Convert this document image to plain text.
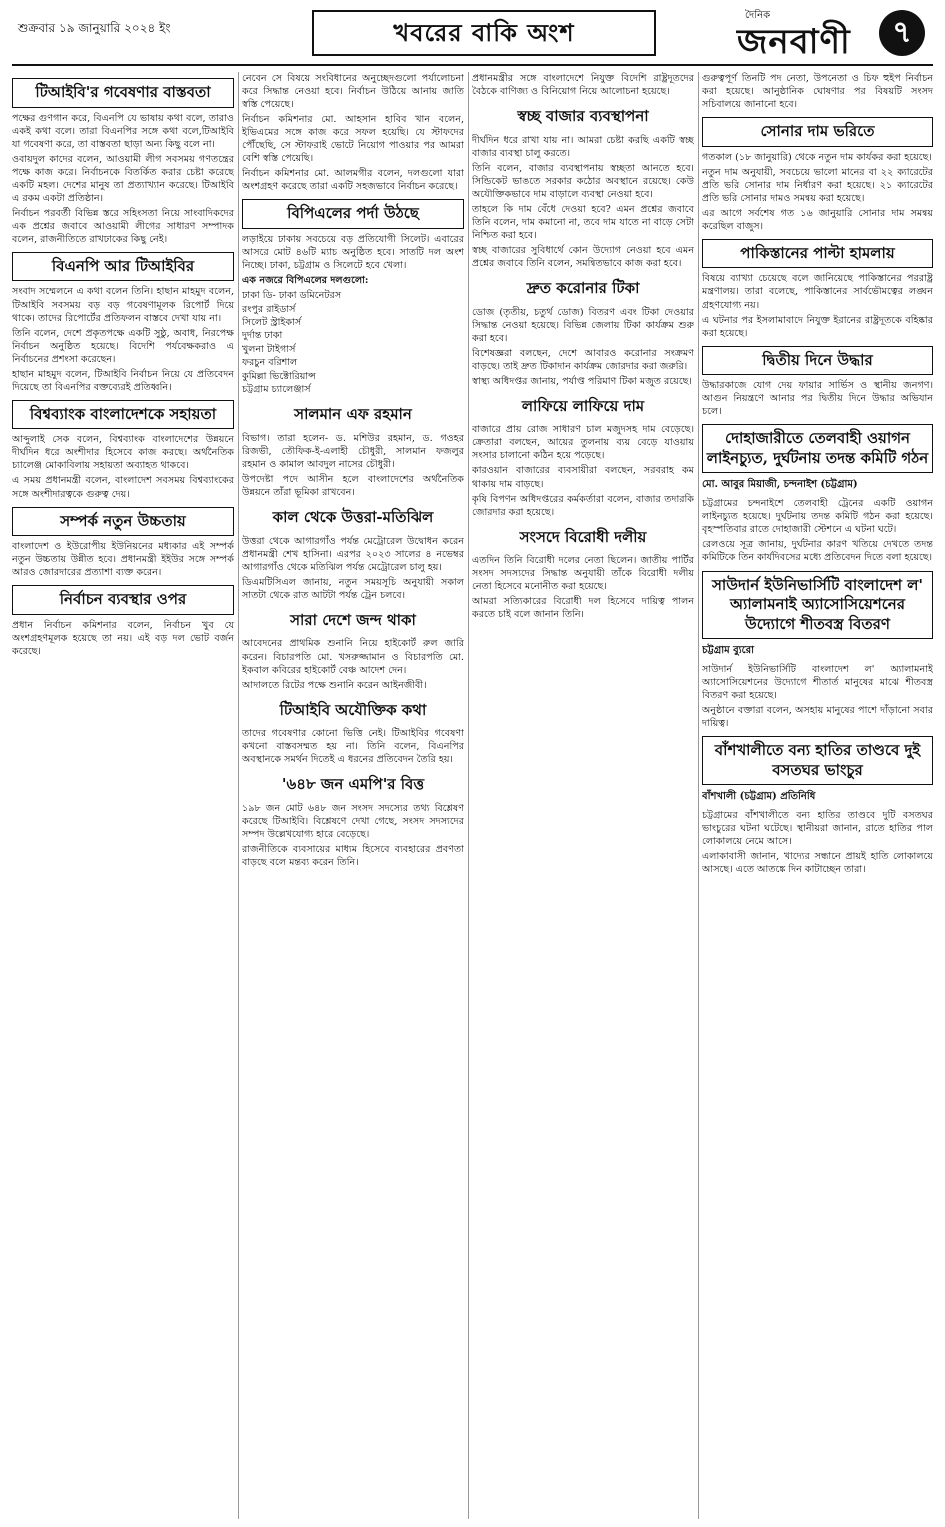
শুক্রবার ১৯ জানুয়ারি ২০২৪ ইং	খবরের বাকি অংশ
দৈনিক
জনবাণী	৭
টিআইবি'র গবেষণার বাস্তবতা

পক্ষের গুণগান করে, বিএনপি যে ভাষায় কথা বলে, তারাও একই কথা বলে। তারা বিএনপির সঙ্গে কথা বলে,টিআইবি যা গবেষণা করে, তা বাস্তবতা ছাড়া অন্য কিছু বলে না।

ওবায়দুল কাদের বলেন, আওয়ামী লীগ সবসময় গণতন্ত্রের পক্ষে কাজ করে। নির্বাচনকে বিতর্কিত করার চেষ্টা করেছে একটি মহল। দেশের মানুষ তা প্রত্যাখ্যান করেছে। টিআইবি এ রকম একটা প্রতিষ্ঠান।

নির্বাচন পরবর্তী বিভিন্ন স্তরে সহিংসতা নিয়ে সাংবাদিকদের এক প্রশ্নের জবাবে আওয়ামী লীগের সাধারণ সম্পাদক বলেন, রাজনীতিতে রাখঢাকের কিছু নেই।

বিএনপি আর টিআইবির

সংবাদ সম্মেলনে এ কথা বলেন তিনি। হাছান মাহমুদ বলেন, টিআইবি সবসময় বড় বড় গবেষণামূলক রিপোর্ট দিয়ে থাকে। তাদের রিপোর্টের প্রতিফলন বাস্তবে দেখা যায় না।

তিনি বলেন, দেশে প্রকৃতপক্ষে একটি সুষ্ঠু, অবাধ, নিরপেক্ষ নির্বাচন অনুষ্ঠিত হয়েছে। বিদেশি পর্যবেক্ষকরাও এ নির্বাচনের প্রশংসা করেছেন।

হাছান মাহমুদ বলেন, টিআইবি নির্বাচন নিয়ে যে প্রতিবেদন দিয়েছে তা বিএনপির বক্তব্যেরই প্রতিধ্বনি।

বিশ্বব্যাংক বাংলাদেশকে সহায়তা

আব্দুলাই সেক বলেন, বিশ্বব্যাংক বাংলাদেশের উন্নয়নে দীর্ঘদিন ধরে অংশীদার হিসেবে কাজ করছে। অর্থনৈতিক চ্যালেঞ্জ মোকাবিলায় সহায়তা অব্যাহত থাকবে।

এ সময় প্রধানমন্ত্রী বলেন, বাংলাদেশ সবসময় বিশ্বব্যাংকের সঙ্গে অংশীদারত্বকে গুরুত্ব দেয়।

সম্পর্ক নতুন উচ্চতায়

বাংলাদেশ ও ইউরোপীয় ইউনিয়নের মধ্যকার এই সম্পর্ক নতুন উচ্চতায় উন্নীত হবে। প্রধানমন্ত্রী ইইউর সঙ্গে সম্পর্ক আরও জোরদারের প্রত্যাশা ব্যক্ত করেন।

নির্বাচন ব্যবস্থার ওপর

প্রধান নির্বাচন কমিশনার বলেন, নির্বাচন খুব যে অংশগ্রহণমূলক হয়েছে তা নয়। এই বড় দল ভোট বর্জন করেছে।

নেবেন সে বিষয়ে সংবিধানের অনুচ্ছেদগুলো পর্যালোচনা করে সিদ্ধান্ত নেওয়া হবে। নির্বাচন উঠিয়ে আনায় জাতি স্বস্তি পেয়েছে।

নির্বাচন কমিশনার মো. আহসান হাবিব খান বলেন, ইভিএমের সঙ্গে কাজ করে সফল হয়েছি। যে স্টাফদের পৌঁছেছি, সে স্টাফরাই ভোটে নিয়োগ পাওয়ার পর আমরা বেশি স্বস্তি পেয়েছি।

নির্বাচন কমিশনার মো. আলমগীর বলেন, দলগুলো যারা অংশগ্রহণ করেছে তারা একটি সহজভাবে নির্বাচন করেছে।

বিপিএলের পর্দা উঠছে

লড়াইয়ে ঢাকায় সবচেয়ে বড় প্রতিযোগী সিলেট। এবারের আসরে মোট ৪৬টি ম্যাচ অনুষ্ঠিত হবে। সাতটি দল অংশ নিচ্ছে। ঢাকা, চট্টগ্রাম ও সিলেটে হবে খেলা।

এক নজরে বিপিএলের দলগুলো:

ঢাকা ডি- ঢাকা ডমিনেটরস
রংপুর রাইডার্স
সিলেট স্ট্রাইকার্স
দুর্দান্ত ঢাকা
খুলনা টাইগার্স
ফরচুন বরিশাল
কুমিল্লা ভিক্টোরিয়ান্স
চট্টগ্রাম চ্যালেঞ্জার্স
সালমান এফ রহমান

বিভাগ। তারা হলেন- ড. মশিউর রহমান, ড. গওহর রিজভী, তৌফিক-ই-এলাহী চৌধুরী, সালমান ফজলুর রহমান ও কামাল আবদুল নাসের চৌধুরী।

উপদেষ্টা পদে আসীন হলে বাংলাদেশের অর্থনৈতিক উন্নয়নে তাঁরা ভূমিকা রাখবেন।

কাল থেকে উত্তরা-মতিঝিল

উত্তরা থেকে আগারগাঁও পর্যন্ত মেট্রোরেল উদ্বোধন করেন প্রধানমন্ত্রী শেখ হাসিনা। এরপর ২০২৩ সালের ৪ নভেম্বর আগারগাঁও থেকে মতিঝিল পর্যন্ত মেট্রোরেল চালু হয়।

ডিএমটিসিএল জানায়, নতুন সময়সূচি অনুযায়ী সকাল সাতটা থেকে রাত আটটা পর্যন্ত ট্রেন চলবে।

সারা দেশে জন্দ থাকা

আবেদনের প্রাথমিক শুনানি নিয়ে হাইকোর্ট রুল জারি করেন। বিচারপতি মো. খসরুজ্জামান ও বিচারপতি মো. ইকবাল কবিরের হাইকোর্ট বেঞ্চ আদেশ দেন।

আদালতে রিটের পক্ষে শুনানি করেন আইনজীবী।

টিআইবি অযৌক্তিক কথা

তাদের গবেষণার কোনো ভিত্তি নেই। টিআইবির গবেষণা কখনো বাস্তবসম্মত হয় না। তিনি বলেন, বিএনপির অবস্থানকে সমর্থন দিতেই এ ধরনের প্রতিবেদন তৈরি হয়।

'৬৪৮ জন এমপি'র বিত্ত

১৯৮ জন মোট ৬৪৮ জন সংসদ সদস্যের তথ্য বিশ্লেষণ করেছে টিআইবি। বিশ্লেষণে দেখা গেছে, সংসদ সদস্যদের সম্পদ উল্লেখযোগ্য হারে বেড়েছে।

রাজনীতিকে ব্যবসায়ের মাধ্যম হিসেবে ব্যবহারের প্রবণতা বাড়ছে বলে মন্তব্য করেন তিনি।

প্রধানমন্ত্রীর সঙ্গে বাংলাদেশে নিযুক্ত বিদেশি রাষ্ট্রদূতদের বৈঠকে বাণিজ্য ও বিনিয়োগ নিয়ে আলোচনা হয়েছে।

স্বচ্ছ বাজার ব্যবস্থাপনা

দীর্ঘদিন ধরে রাখা যায় না। আমরা চেষ্টা করছি একটি স্বচ্ছ বাজার ব্যবস্থা চালু করতে।

তিনি বলেন, বাজার ব্যবস্থাপনায় স্বচ্ছতা আনতে হবে। সিন্ডিকেট ভাঙতে সরকার কঠোর অবস্থানে রয়েছে। কেউ অযৌক্তিকভাবে দাম বাড়ালে ব্যবস্থা নেওয়া হবে।

তাহলে কি দাম বেঁধে দেওয়া হবে? এমন প্রশ্নের জবাবে তিনি বলেন, দাম কমানো না, তবে দাম যাতে না বাড়ে সেটা নিশ্চিত করা হবে।

স্বচ্ছ বাজারের সুবিধার্থে কোন উদ্যোগ নেওয়া হবে এমন প্রশ্নের জবাবে তিনি বলেন, সমন্বিতভাবে কাজ করা হবে।

দ্রুত করোনার টিকা

ডোজ (তৃতীয়, চতুর্থ ডোজ) বিতরণ এবং টিকা দেওয়ার সিদ্ধান্ত নেওয়া হয়েছে। বিভিন্ন জেলায় টিকা কার্যক্রম শুরু করা হবে।

বিশেষজ্ঞরা বলছেন, দেশে আবারও করোনার সংক্রমণ বাড়ছে। তাই দ্রুত টিকাদান কার্যক্রম জোরদার করা জরুরি।

স্বাস্থ্য অধিদপ্তর জানায়, পর্যাপ্ত পরিমাণ টিকা মজুত রয়েছে।

লাফিয়ে লাফিয়ে দাম

বাজারে প্রায় রোজ সাধারণ চাল মজুদসহ দাম বেড়েছে। ক্রেতারা বলছেন, আয়ের তুলনায় ব্যয় বেড়ে যাওয়ায় সংসার চালানো কঠিন হয়ে পড়েছে।

কারওয়ান বাজারের ব্যবসায়ীরা বলছেন, সরবরাহ কম থাকায় দাম বাড়ছে।

কৃষি বিপণন অধিদপ্তরের কর্মকর্তারা বলেন, বাজার তদারকি জোরদার করা হয়েছে।

সংসদে বিরোধী দলীয়

এতদিন তিনি বিরোধী দলের নেতা ছিলেন। জাতীয় পার্টির সংসদ সদস্যদের সিদ্ধান্ত অনুযায়ী তাঁকে বিরোধী দলীয় নেতা হিসেবে মনোনীত করা হয়েছে।

আমরা সত্যিকারের বিরোধী দল হিসেবে দায়িত্ব পালন করতে চাই বলে জানান তিনি।

গুরুত্বপূর্ণ তিনটি পদ নেতা, উপনেতা ও চিফ হুইপ নির্বাচন করা হয়েছে। আনুষ্ঠানিক ঘোষণার পর বিষয়টি সংসদ সচিবালয়ে জানানো হবে।

সোনার দাম ভরিতে

গতকাল (১৮ জানুয়ারি) থেকে নতুন দাম কার্যকর করা হয়েছে।

নতুন দাম অনুযায়ী, সবচেয়ে ভালো মানের বা ২২ ক্যারেটের প্রতি ভরি সোনার দাম নির্ধারণ করা হয়েছে। ২১ ক্যারেটের প্রতি ভরি সোনার দামও সমন্বয় করা হয়েছে।

এর আগে সর্বশেষ গত ১৬ জানুয়ারি সোনার দাম সমন্বয় করেছিল বাজুস।

পাকিস্তানের পাল্টা হামলায়

বিষয়ে ব্যাখ্যা চেয়েছে বলে জানিয়েছে পাকিস্তানের পররাষ্ট্র মন্ত্রণালয়। তারা বলেছে, পাকিস্তানের সার্বভৌমত্বের লঙ্ঘন গ্রহণযোগ্য নয়।

এ ঘটনার পর ইসলামাবাদে নিযুক্ত ইরানের রাষ্ট্রদূতকে বহিষ্কার করা হয়েছে।

দ্বিতীয় দিনে উদ্ধার

উদ্ধারকাজে যোগ দেয় ফায়ার সার্ভিস ও স্থানীয় জনগণ। আগুন নিয়ন্ত্রণে আনার পর দ্বিতীয় দিনে উদ্ধার অভিযান চলে।

দোহাজারীতে তেলবাহী ওয়াগন লাইনচ্যুত, দুর্ঘটনায় তদন্ত কমিটি গঠন
মো. আবুর মিয়াজী, চন্দনাইশ (চট্টগ্রাম)

চট্টগ্রামের চন্দনাইশে তেলবাহী ট্রেনের একটি ওয়াগন লাইনচ্যুত হয়েছে। দুর্ঘটনায় তদন্ত কমিটি গঠন করা হয়েছে। বৃহস্পতিবার রাতে দোহাজারী স্টেশনে এ ঘটনা ঘটে।

রেলওয়ে সূত্র জানায়, দুর্ঘটনার কারণ খতিয়ে দেখতে তদন্ত কমিটিকে তিন কার্যদিবসের মধ্যে প্রতিবেদন দিতে বলা হয়েছে।

সাউদার্ন ইউনিভার্সিটি বাংলাদেশ ল' অ্যালামনাই অ্যাসোসিয়েশনের উদ্যোগে শীতবস্ত্র বিতরণ
চট্টগ্রাম ব্যুরো

সাউদার্ন ইউনিভার্সিটি বাংলাদেশ ল' অ্যালামনাই অ্যাসোসিয়েশনের উদ্যোগে শীতার্ত মানুষের মাঝে শীতবস্ত্র বিতরণ করা হয়েছে।

অনুষ্ঠানে বক্তারা বলেন, অসহায় মানুষের পাশে দাঁড়ানো সবার দায়িত্ব।

বাঁশখালীতে বন্য হাতির তাণ্ডবে দুই বসতঘর ভাংচুর
বাঁশখালী (চট্টগ্রাম) প্রতিনিধি

চট্টগ্রামের বাঁশখালীতে বন্য হাতির তাণ্ডবে দুটি বসতঘর ভাংচুরের ঘটনা ঘটেছে। স্থানীয়রা জানান, রাতে হাতির পাল লোকালয়ে নেমে আসে।

এলাকাবাসী জানান, খাদ্যের সন্ধানে প্রায়ই হাতি লোকালয়ে আসছে। এতে আতঙ্কে দিন কাটাচ্ছেন তারা।
